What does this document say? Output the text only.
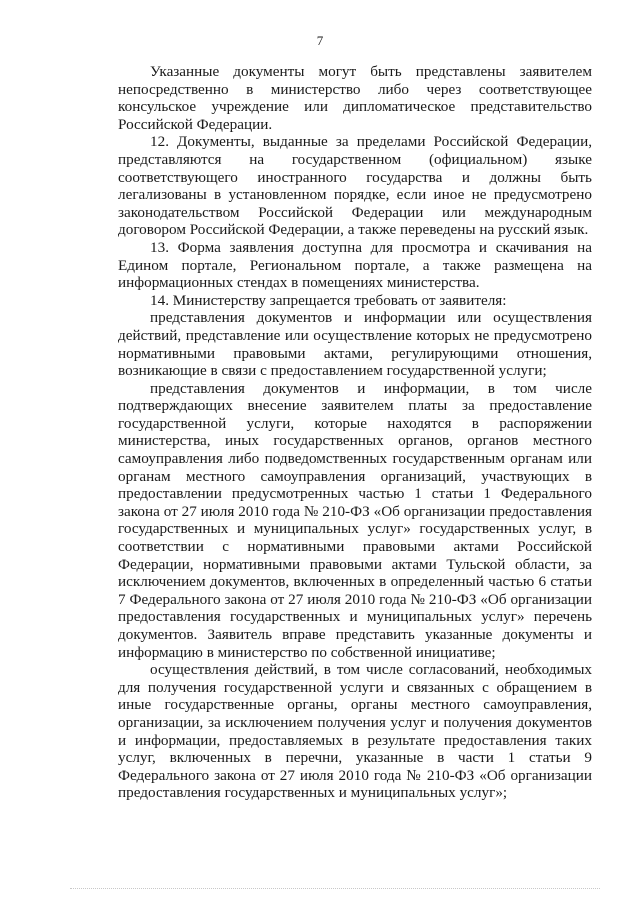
7

Указанные документы могут быть представлены заявителем непосредственно в министерство либо через соответствующее консульское учреждение или дипломатическое представительство Российской Федерации.

12. Документы, выданные за пределами Российской Федерации, представляются на государственном (официальном) языке соответствующего иностранного государства и должны быть легализованы в установленном порядке, если иное не предусмотрено законодательством Российской Федерации или международным договором Российской Федерации, а также переведены на русский язык.

13. Форма заявления доступна для просмотра и скачивания на Едином портале, Региональном портале, а также размещена на информационных стендах в помещениях министерства.

14. Министерству запрещается требовать от заявителя:

представления документов и информации или осуществления действий, представление или осуществление которых не предусмотрено нормативными правовыми актами, регулирующими отношения, возникающие в связи с предоставлением государственной услуги;

представления документов и информации, в том числе подтверждающих внесение заявителем платы за предоставление государственной услуги, которые находятся в распоряжении министерства, иных государственных органов, органов местного самоуправления либо подведомственных государственным органам или органам местного самоуправления организаций, участвующих в предоставлении предусмотренных частью 1 статьи 1 Федерального закона от 27 июля 2010 года № 210-ФЗ «Об организации предоставления государственных и муниципальных услуг» государственных услуг, в соответствии с нормативными правовыми актами Российской Федерации, нормативными правовыми актами Тульской области, за исключением документов, включенных в определенный частью 6 статьи 7 Федерального закона от 27 июля 2010 года № 210-ФЗ «Об организации предоставления государственных и муниципальных услуг» перечень документов. Заявитель вправе представить указанные документы и информацию в министерство по собственной инициативе;

осуществления действий, в том числе согласований, необходимых для получения государственной услуги и связанных с обращением в иные государственные органы, органы местного самоуправления, организации, за исключением получения услуг и получения документов и информации, предоставляемых в результате предоставления таких услуг, включенных в перечни, указанные в части 1 статьи 9 Федерального закона от 27 июля 2010 года № 210-ФЗ «Об организации предоставления государственных и муниципальных услуг»;
